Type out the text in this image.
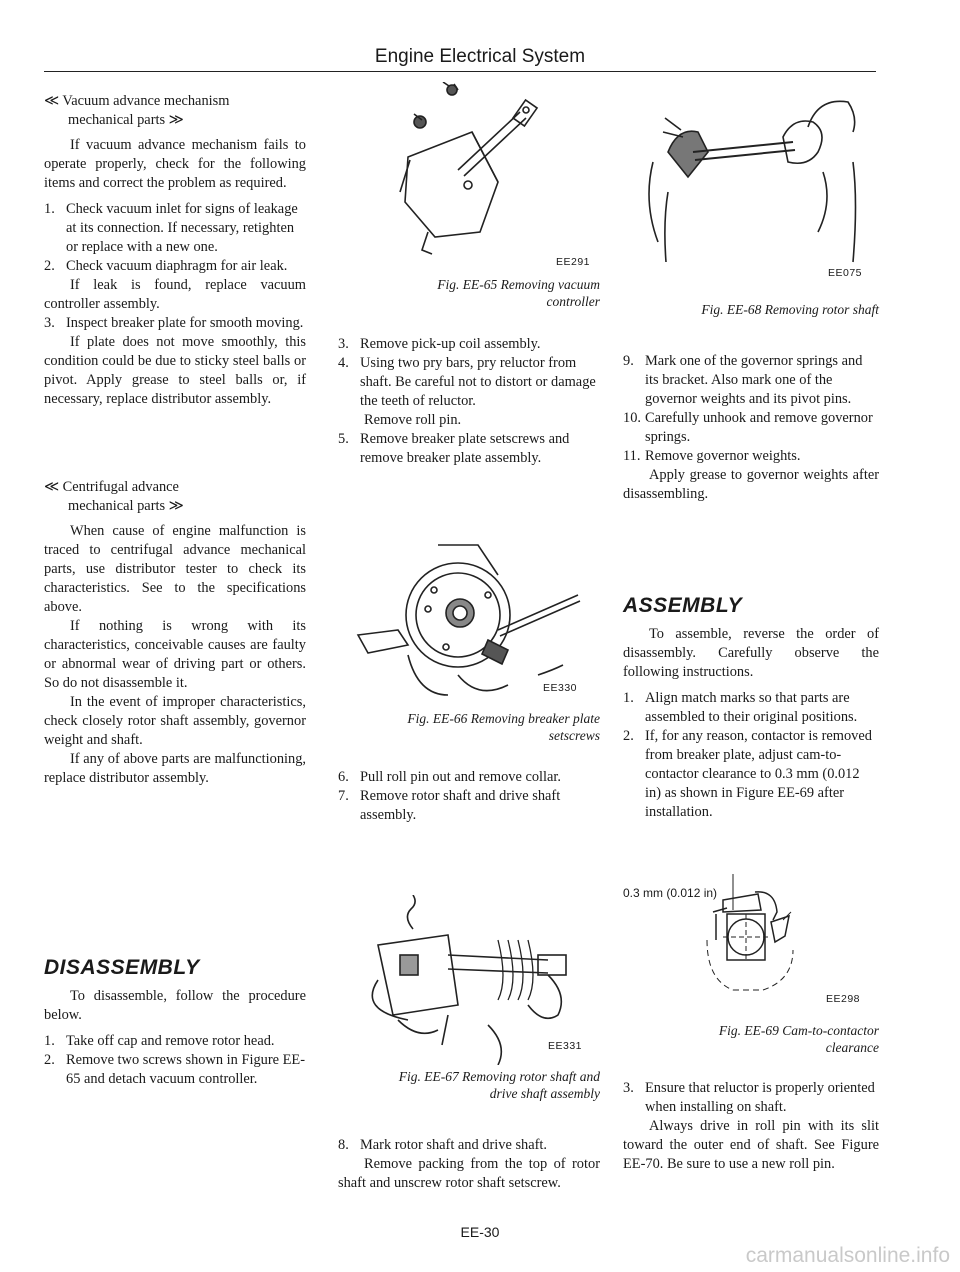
Engine Electrical System
≪ Vacuum advance mechanism
mechanical parts ≫

If vacuum advance mechanism fails to operate properly, check for the following items and correct the problem as required.

1. Check vacuum inlet for signs of leakage at its connection. If necessary, retighten or replace with a new one.
2. Check vacuum diaphragm for air leak.

If leak is found, replace vacuum controller assembly.

3. Inspect breaker plate for smooth moving.

If plate does not move smoothly, this condition could be due to sticky steel balls or pivot. Apply grease to steel balls or, if necessary, replace distributor assembly.

≪ Centrifugal advance
mechanical parts ≫

When cause of engine malfunction is traced to centrifugal advance mechanical parts, use distributor tester to check its characteristics. See to the specifications above.

If nothing is wrong with its characteristics, conceivable causes are faulty or abnormal wear of driving part or others. So do not disassemble it.

In the event of improper characteristics, check closely rotor shaft assembly, governor weight and shaft.

If any of above parts are malfunctioning, replace distributor assembly.

DISASSEMBLY

To disassemble, follow the procedure below.

1. Take off cap and remove rotor head.
2. Remove two screws shown in Figure EE-65 and detach vacuum controller.
EE291
Fig. EE-65 Removing vacuum
controller
3. Remove pick-up coil assembly.
4. Using two pry bars, pry reluctor from shaft. Be careful not to distort or damage the teeth of reluctor.

Remove roll pin.

5. Remove breaker plate setscrews and remove breaker plate assembly.
EE330
Fig. EE-66 Removing breaker plate
setscrews
6. Pull roll pin out and remove collar.
7. Remove rotor shaft and drive shaft assembly.
EE331
Fig. EE-67 Removing rotor shaft and
drive shaft assembly
8. Mark rotor shaft and drive shaft.

Remove packing from the top of rotor shaft and unscrew rotor shaft setscrew.

EE075
Fig. EE-68 Removing rotor shaft
9. Mark one of the governor springs and its bracket. Also mark one of the governor weights and its pivot pins.
10. Carefully unhook and remove governor springs.
11. Remove governor weights.

Apply grease to governor weights after disassembling.

ASSEMBLY

To assemble, reverse the order of disassembly. Carefully observe the following instructions.

1. Align match marks so that parts are assembled to their original positions.
2. If, for any reason, contactor is removed from breaker plate, adjust cam-to-contactor clearance to 0.3 mm (0.012 in) as shown in Figure EE-69 after installation.
0.3 mm (0.012 in)
EE298
Fig. EE-69 Cam-to-contactor
clearance
3. Ensure that reluctor is properly oriented when installing on shaft.

Always drive in roll pin with its slit toward the outer end of shaft. See Figure EE-70. Be sure to use a new roll pin.

EE-30
carmanualsonline.info
